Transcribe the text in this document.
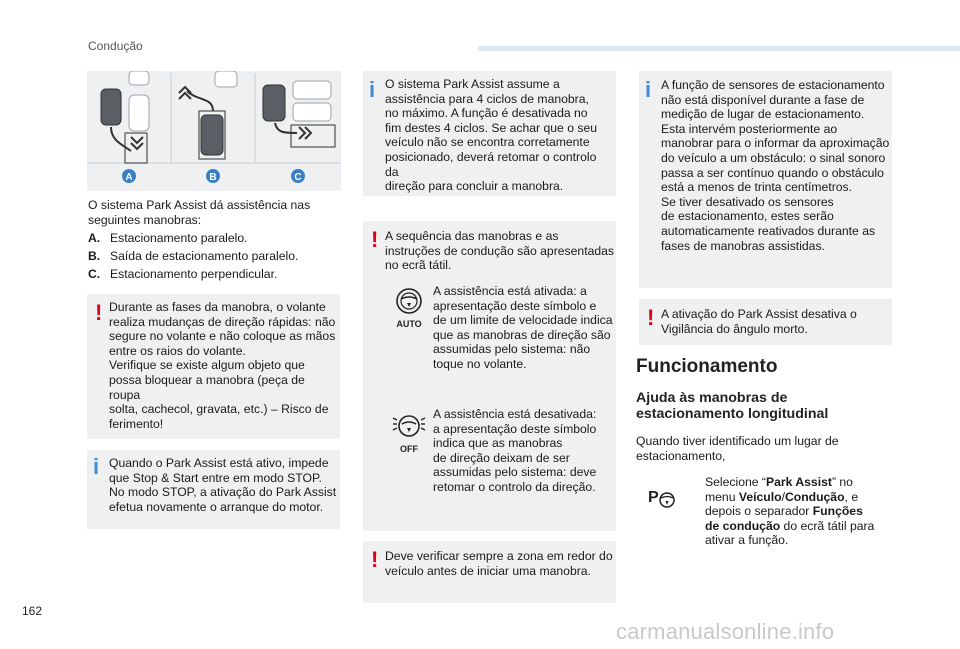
Condução
A	B	C
O sistema Park Assist dá assistência nas
seguintes manobras:
A. Estacionamento paralelo.
B. Saída de estacionamento paralelo.
C. Estacionamento perpendicular.
! Durante as fases da manobra, o volante
realiza mudanças de direção rápidas: não
segure no volante e não coloque as mãos
entre os raios do volante.
Verifique se existe algum objeto que
possa bloquear a manobra (peça de roupa
solta, cachecol, gravata, etc.) – Risco de
ferimento!
i Quando o Park Assist está ativo, impede
que Stop & Start entre em modo STOP.
No modo STOP, a ativação do Park Assist
efetua novamente o arranque do motor.
i O sistema Park Assist assume a
assistência para 4 ciclos de manobra,
no máximo. A função é desativada no
fim destes 4 ciclos. Se achar que o seu
veículo não se encontra corretamente
posicionado, deverá retomar o controlo da
direção para concluir a manobra.
! A sequência das manobras e as
instruções de condução são apresentadas
no ecrã tátil.
AUTO
A assistência está ativada: a
apresentação deste símbolo e
de um limite de velocidade indica
que as manobras de direção são
assumidas pelo sistema: não
toque no volante.
OFF
A assistência está desativada:
a apresentação deste símbolo
indica que as manobras
de direção deixam de ser
assumidas pelo sistema: deve
retomar o controlo da direção.
! Deve verificar sempre a zona em redor do
veículo antes de iniciar uma manobra.
i A função de sensores de estacionamento
não está disponível durante a fase de
medição de lugar de estacionamento.
Esta intervém posteriormente ao
manobrar para o informar da aproximação
do veículo a um obstáculo: o sinal sonoro
passa a ser contínuo quando o obstáculo
está a menos de trinta centímetros.
Se tiver desativado os sensores
de estacionamento, estes serão
automaticamente reativados durante as
fases de manobras assistidas.
! A ativação do Park Assist desativa o
Vigilância do ângulo morto.
Funcionamento
Ajuda às manobras de
estacionamento longitudinal
Quando tiver identificado um lugar de
estacionamento,
P
Selecione “Park Assist” no
menu Veículo/Condução, e
depois o separador Funções
de condução do ecrã tátil para
ativar a função.
162
carmanualsonline.info
